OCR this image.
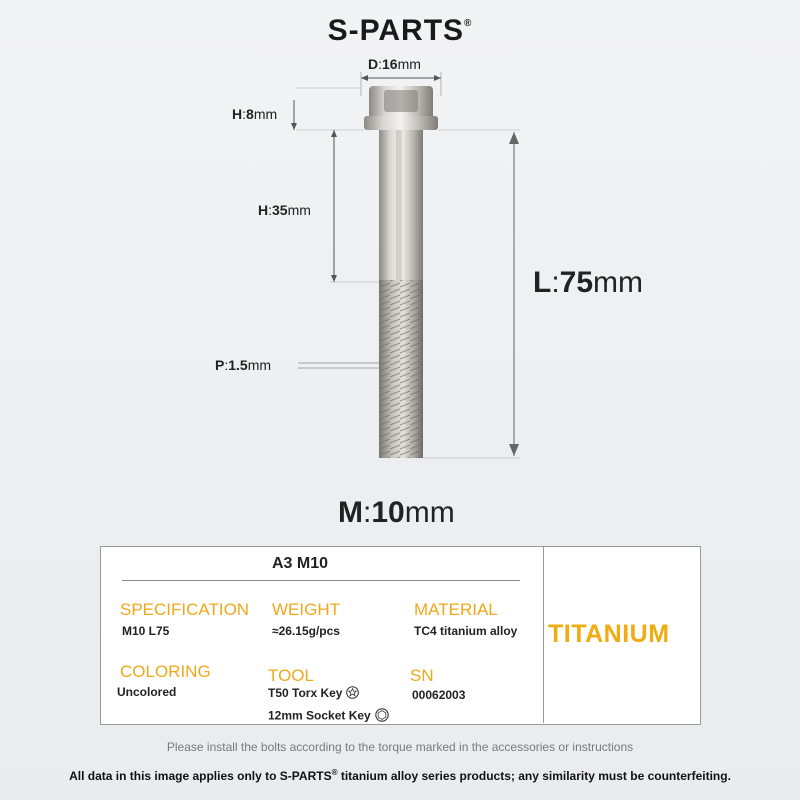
S-PARTS®
D:16mm
H:8mm
H:35mm
P:1.5mm
L:75mm
M:10mm
A3 M10
SPECIFICATION
M10 L75
WEIGHT
≈26.15g/pcs
MATERIAL
TC4 titanium alloy
COLORING
Uncolored
TOOL
T50 Torx Key
12mm Socket Key
SN
00062003
TITANIUM
Please install the bolts according to the torque marked in the accessories or instructions
All data in this image applies only to S-PARTS® titanium alloy series products; any similarity must be counterfeiting.
